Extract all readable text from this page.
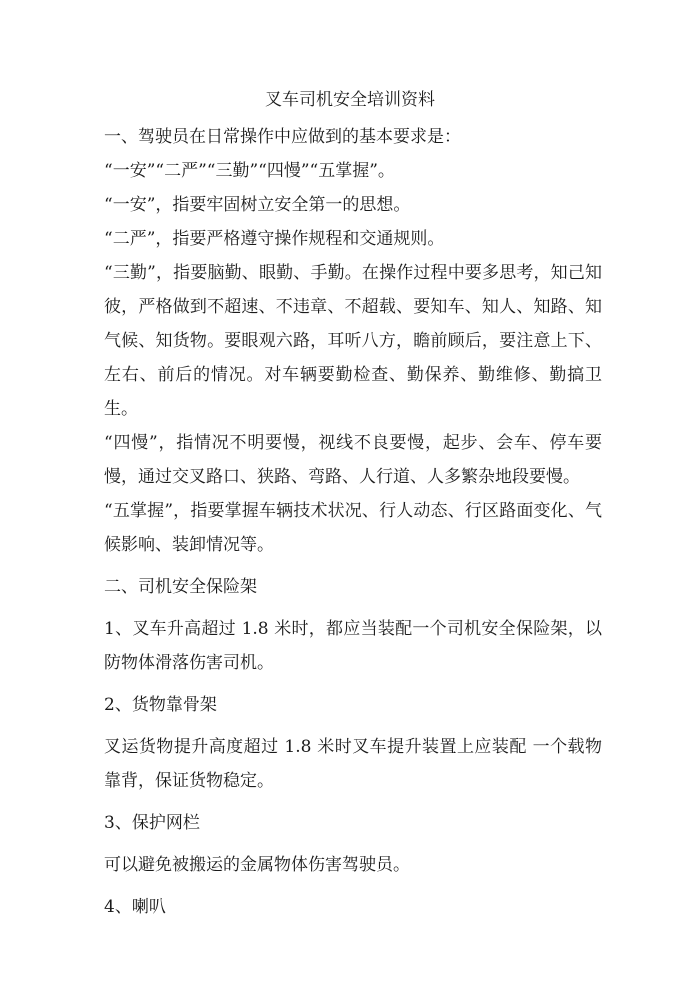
叉车司机安全培训资料

一、驾驶员在日常操作中应做到的基本要求是：

“一安”“二严”“三勤”“四慢”“五掌握”。

“一安”，指要牢固树立安全第一的思想。

“二严”，指要严格遵守操作规程和交通规则。

“三勤”，指要脑勤、眼勤、手勤。在操作过程中要多思考，知己知彼，严格做到不超速、不违章、不超载、要知车、知人、知路、知气候、知货物。要眼观六路，耳听八方，瞻前顾后，要注意上下、左右、前后的情况。对车辆要勤检查、勤保养、勤维修、勤搞卫生。

“四慢”，指情况不明要慢，视线不良要慢，起步、会车、停车要慢，通过交叉路口、狭路、弯路、人行道、人多繁杂地段要慢。

“五掌握”，指要掌握车辆技术状况、行人动态、行区路面变化、气候影响、装卸情况等。

二、司机安全保险架

1、叉车升高超过 1.8 米时，都应当装配一个司机安全保险架，以防物体滑落伤害司机。

2、货物靠骨架

叉运货物提升高度超过 1.8 米时叉车提升装置上应装配 一个载物靠背，保证货物稳定。

3、保护网栏

可以避免被搬运的金属物体伤害驾驶员。

4、喇叭
